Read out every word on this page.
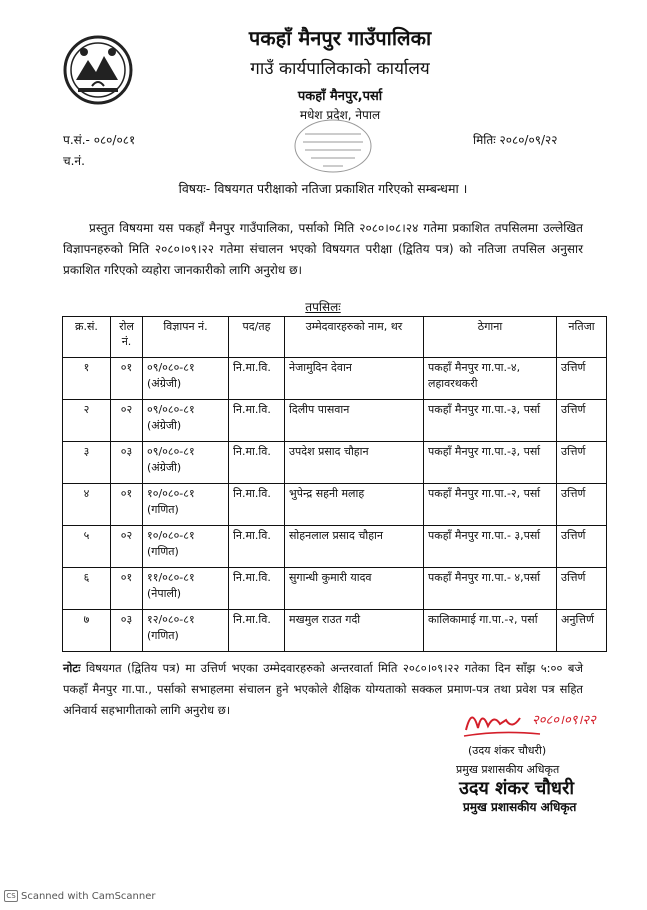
पकहाँ मैनपुर गाउँपालिका
गाउँ कार्यपालिकाको कार्यालय
पकहाँ मैनपुर,पर्सा
मधेश प्रदेश, नेपाल
प.सं.- ०८०/०८१
च.नं.
मितिः २०८०/०९/२२
विषयः- विषयगत परीक्षाको नतिजा प्रकाशित गरिएको सम्बन्धमा ।
प्रस्तुत विषयमा यस पकहाँ मैनपुर गाउँपालिका, पर्साको मिति २०८०।०८।२४ गतेमा प्रकाशित तपसिलमा उल्लेखित विज्ञापनहरुको मिति २०८०।०९।२२ गतेमा संचालन भएको विषयगत परीक्षा (द्वितिय पत्र) को नतिजा तपसिल अनुसार प्रकाशित गरिएको व्यहोरा जानकारीको लागि अनुरोध छ।
तपसिलः
क्र.सं.	रोल नं.	विज्ञापन नं.	पद/तह	उम्मेदवारहरुको नाम, थर	ठेगाना	नतिजा
१	०१	०९/०८०-८१ (अंग्रेजी)	नि.मा.वि.	नेजामुदिन देवान	पकहाँ मैनपुर गा.पा.-४, लहावरथकरी	उत्तिर्ण
२	०२	०९/०८०-८१ (अंग्रेजी)	नि.मा.वि.	दिलीप पासवान	पकहाँ मैनपुर गा.पा.-३, पर्सा	उत्तिर्ण
३	०३	०९/०८०-८१ (अंग्रेजी)	नि.मा.वि.	उपदेश प्रसाद चौहान	पकहाँ मैनपुर गा.पा.-३, पर्सा	उत्तिर्ण
४	०१	१०/०८०-८१ (गणित)	नि.मा.वि.	भुपेन्द्र सहनी मलाह	पकहाँ मैनपुर गा.पा.-२, पर्सा	उत्तिर्ण
५	०२	१०/०८०-८१ (गणित)	नि.मा.वि.	सोहनलाल प्रसाद चौहान	पकहाँ मैनपुर गा.पा.- ३,पर्सा	उत्तिर्ण
६	०१	११/०८०-८१ (नेपाली)	नि.मा.वि.	सुगान्धी कुमारी यादव	पकहाँ मैनपुर गा.पा.- ४,पर्सा	उत्तिर्ण
७	०३	१२/०८०-८१ (गणित)	नि.मा.वि.	मखमुल राउत गदी	कालिकामाई गा.पा.-२, पर्सा	अनुत्तिर्ण
नोटः विषयगत (द्वितिय पत्र) मा उत्तिर्ण भएका उम्मेदवारहरुको अन्तरवार्ता मिति २०८०।०९।२२ गतेका दिन साँझ ५:०० बजे पकहाँ मैनपुर गा.पा., पर्साको सभाहलमा संचालन हुने भएकोले शैक्षिक योग्यताको सक्कल प्रमाण-पत्र तथा प्रवेश पत्र सहित अनिवार्य सहभागीताको लागि अनुरोध छ।
२०८०।०९।२२
(उदय शंकर चौधरी)
प्रमुख प्रशासकीय अधिकृत
उदय शंकर चौधरी
प्रमुख प्रशासकीय अधिकृत
CS Scanned with CamScanner
